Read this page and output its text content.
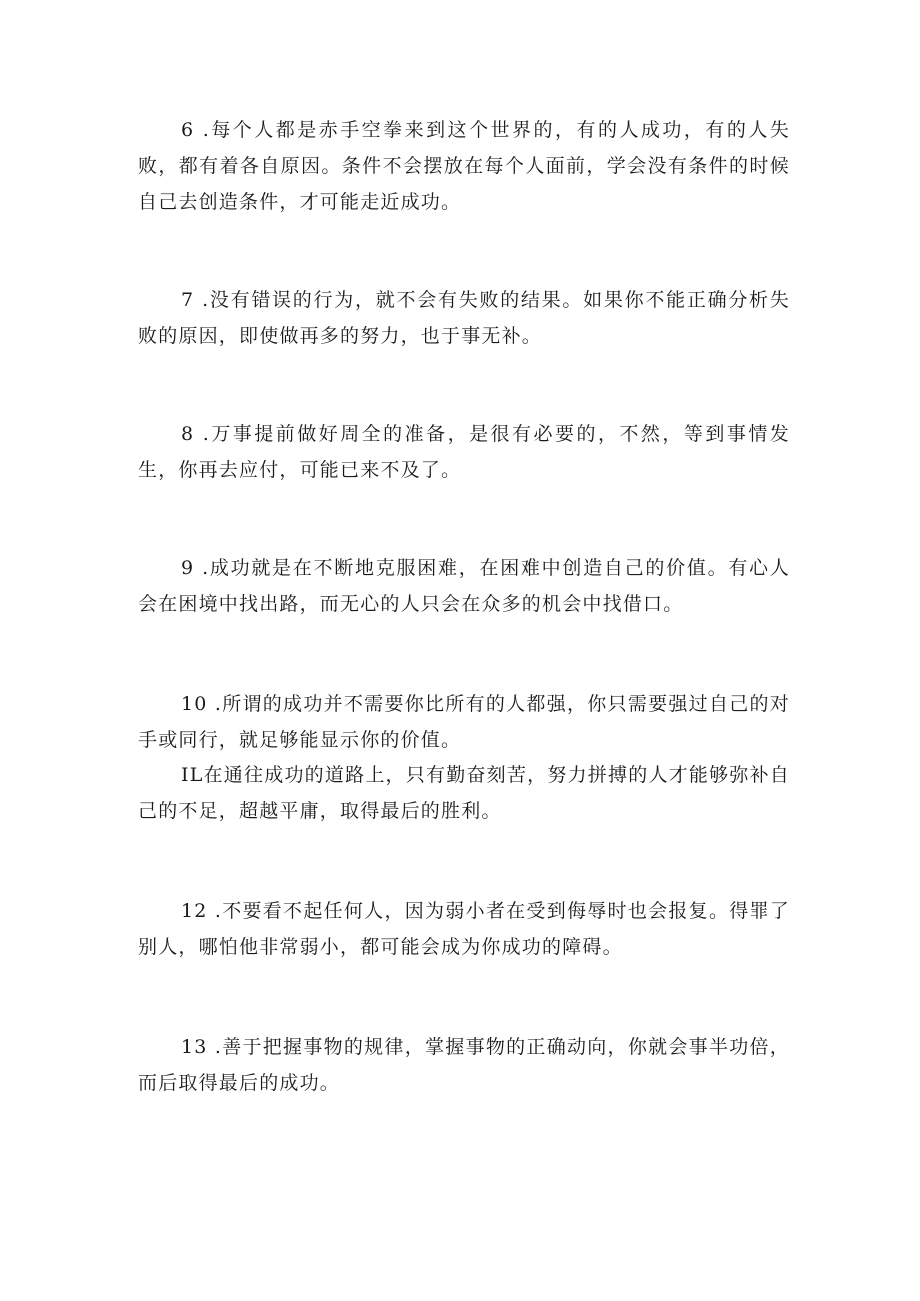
6 .每个人都是赤手空拳来到这个世界的，有的人成功，有的人失败，都有着各自原因。条件不会摆放在每个人面前，学会没有条件的时候自己去创造条件，才可能走近成功。

7 .没有错误的行为，就不会有失败的结果。如果你不能正确分析失败的原因，即使做再多的努力，也于事无补。

8 .万事提前做好周全的准备，是很有必要的，不然，等到事情发生，你再去应付，可能已来不及了。

9 .成功就是在不断地克服困难，在困难中创造自己的价值。有心人会在困境中找出路，而无心的人只会在众多的机会中找借口。

10 .所谓的成功并不需要你比所有的人都强，你只需要强过自己的对手或同行，就足够能显示你的价值。

IL在通往成功的道路上，只有勤奋刻苦，努力拼搏的人才能够弥补自己的不足，超越平庸，取得最后的胜利。

12 .不要看不起任何人，因为弱小者在受到侮辱时也会报复。得罪了别人，哪怕他非常弱小，都可能会成为你成功的障碍。

13 .善于把握事物的规律，掌握事物的正确动向，你就会事半功倍，而后取得最后的成功。
